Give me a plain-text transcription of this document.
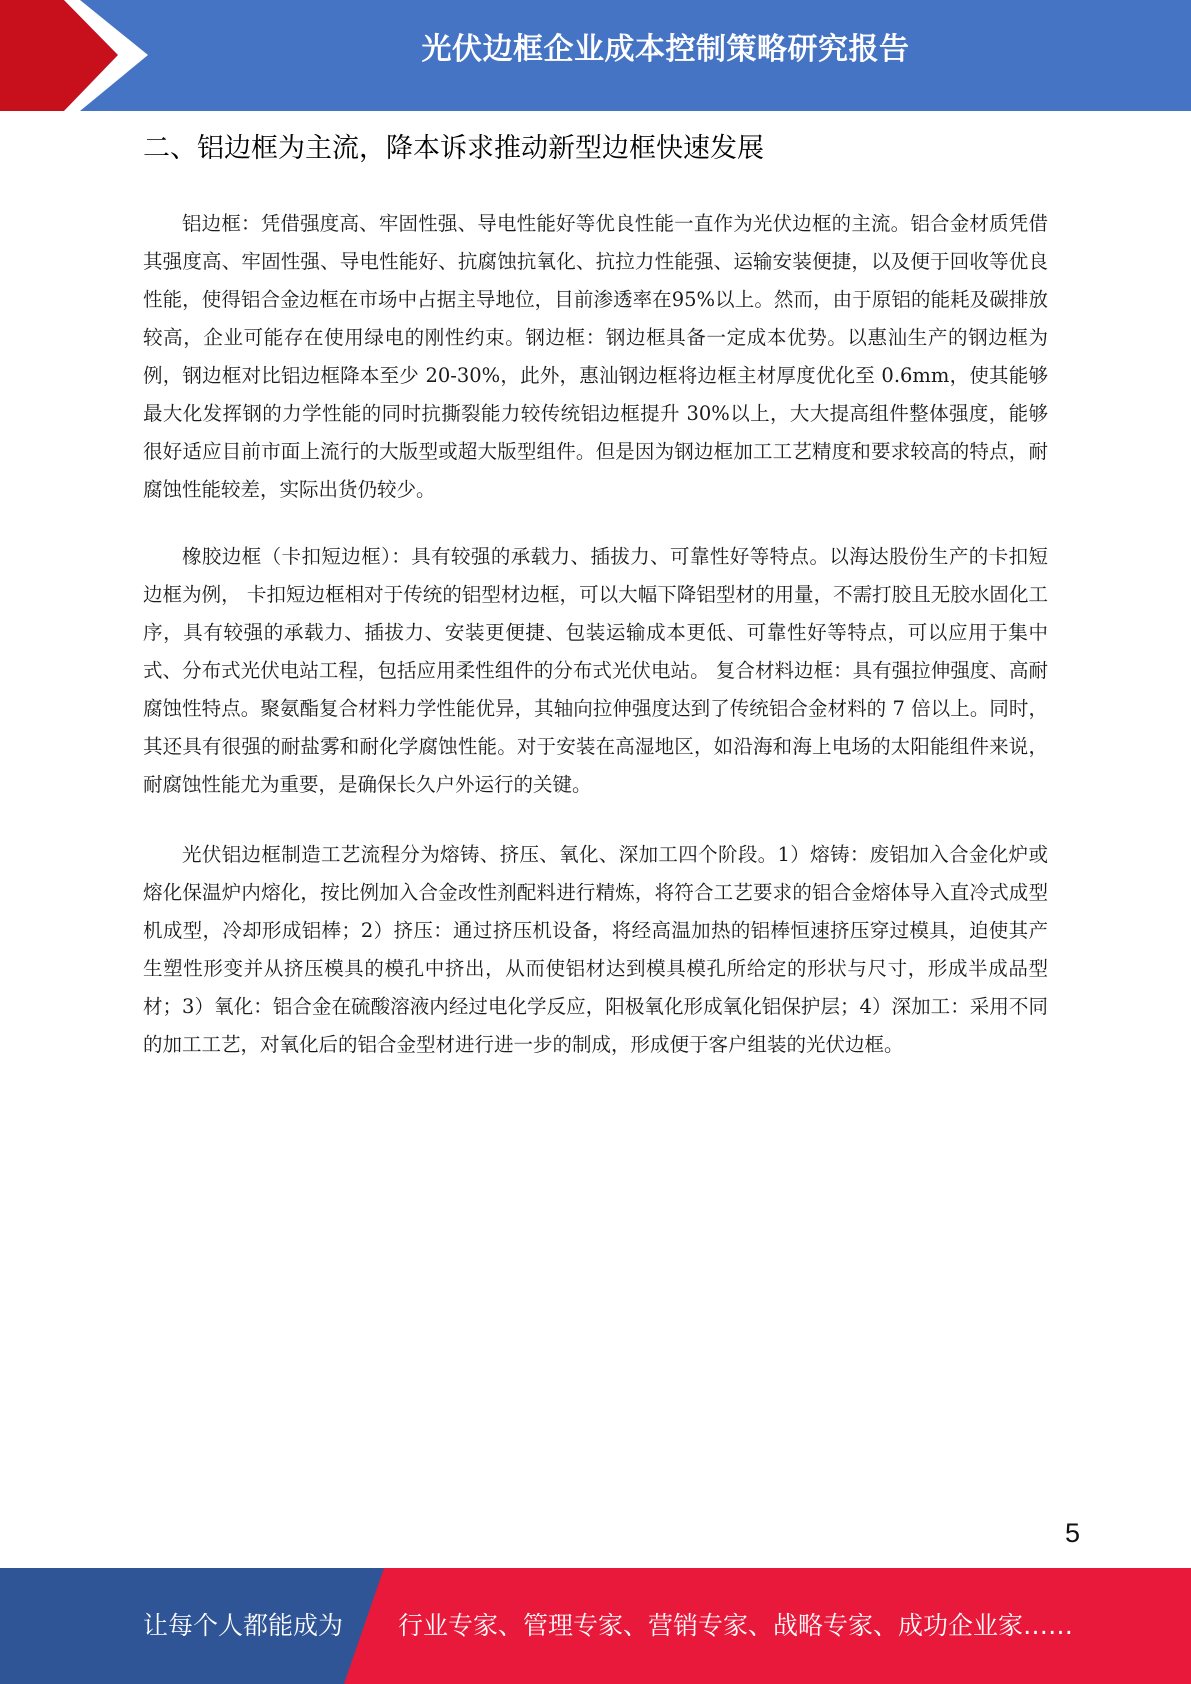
光伏边框企业成本控制策略研究报告
二、铝边框为主流，降本诉求推动新型边框快速发展

铝边框：凭借强度高、牢固性强、导电性能好等优良性能一直作为光伏边框的主流。铝合金材质凭借其强度高、牢固性强、导电性能好、抗腐蚀抗氧化、抗拉力性能强、运输安装便捷，以及便于回收等优良性能，使得铝合金边框在市场中占据主导地位，目前渗透率在95%以上。然而，由于原铝的能耗及碳排放较高，企业可能存在使用绿电的刚性约束。钢边框：钢边框具备一定成本优势。以惠汕生产的钢边框为例，钢边框对比铝边框降本至少 20-30%，此外，惠汕钢边框将边框主材厚度优化至 0.6mm，使其能够最大化发挥钢的力学性能的同时抗撕裂能力较传统铝边框提升 30%以上，大大提高组件整体强度，能够很好适应目前市面上流行的大版型或超大版型组件。但是因为钢边框加工工艺精度和要求较高的特点，耐腐蚀性能较差，实际出货仍较少。

橡胶边框（卡扣短边框）：具有较强的承载力、插拔力、可靠性好等特点。以海达股份生产的卡扣短边框为例， 卡扣短边框相对于传统的铝型材边框，可以大幅下降铝型材的用量，不需打胶且无胶水固化工序，具有较强的承载力、插拔力、安装更便捷、包装运输成本更低、可靠性好等特点，可以应用于集中式、分布式光伏电站工程，包括应用柔性组件的分布式光伏电站。 复合材料边框：具有强拉伸强度、高耐腐蚀性特点。聚氨酯复合材料力学性能优异，其轴向拉伸强度达到了传统铝合金材料的 7 倍以上。同时，其还具有很强的耐盐雾和耐化学腐蚀性能。对于安装在高湿地区，如沿海和海上电场的太阳能组件来说，耐腐蚀性能尤为重要，是确保长久户外运行的关键。

光伏铝边框制造工艺流程分为熔铸、挤压、氧化、深加工四个阶段。1）熔铸：废铝加入合金化炉或熔化保温炉内熔化，按比例加入合金改性剂配料进行精炼，将符合工艺要求的铝合金熔体导入直冷式成型机成型，冷却形成铝棒；2）挤压：通过挤压机设备，将经高温加热的铝棒恒速挤压穿过模具，迫使其产生塑性形变并从挤压模具的模孔中挤出，从而使铝材达到模具模孔所给定的形状与尺寸，形成半成品型材；3）氧化：铝合金在硫酸溶液内经过电化学反应，阳极氧化形成氧化铝保护层；4）深加工：采用不同的加工工艺，对氧化后的铝合金型材进行进一步的制成，形成便于客户组装的光伏边框。

5
让每个人都能成为 行业专家、管理专家、营销专家、战略专家、成功企业家……
